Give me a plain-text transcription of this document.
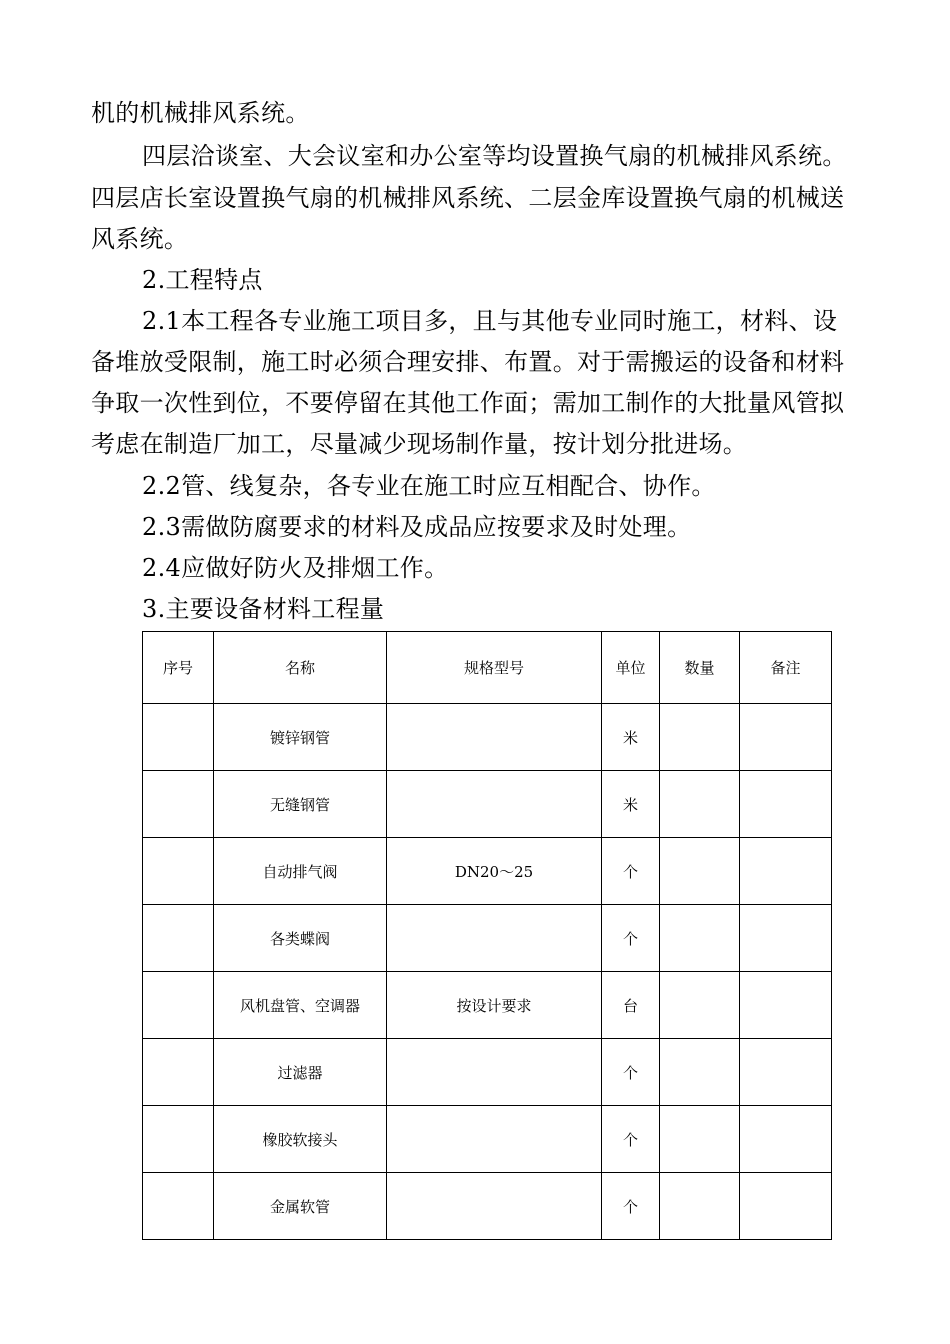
机的机械排风系统。
四层洽谈室、大会议室和办公室等均设置换气扇的机械排风系统。
四层店长室设置换气扇的机械排风系统、二层金库设置换气扇的机械送
风系统。
2.工程特点
2.1本工程各专业施工项目多，且与其他专业同时施工，材料、设
备堆放受限制，施工时必须合理安排、布置。对于需搬运的设备和材料
争取一次性到位，不要停留在其他工作面；需加工制作的大批量风管拟
考虑在制造厂加工，尽量减少现场制作量，按计划分批进场。
2.2管、线复杂，各专业在施工时应互相配合、协作。
2.3需做防腐要求的材料及成品应按要求及时处理。
2.4应做好防火及排烟工作。
3.主要设备材料工程量
序号	名称	规格型号	单位	数量	备注
	镀锌钢管		米		
	无缝钢管		米		
	自动排气阀	DN20～25	个		
	各类蝶阀		个		
	风机盘管、空调器	按设计要求	台		
	过滤器		个		
	橡胶软接头		个		
	金属软管		个		
